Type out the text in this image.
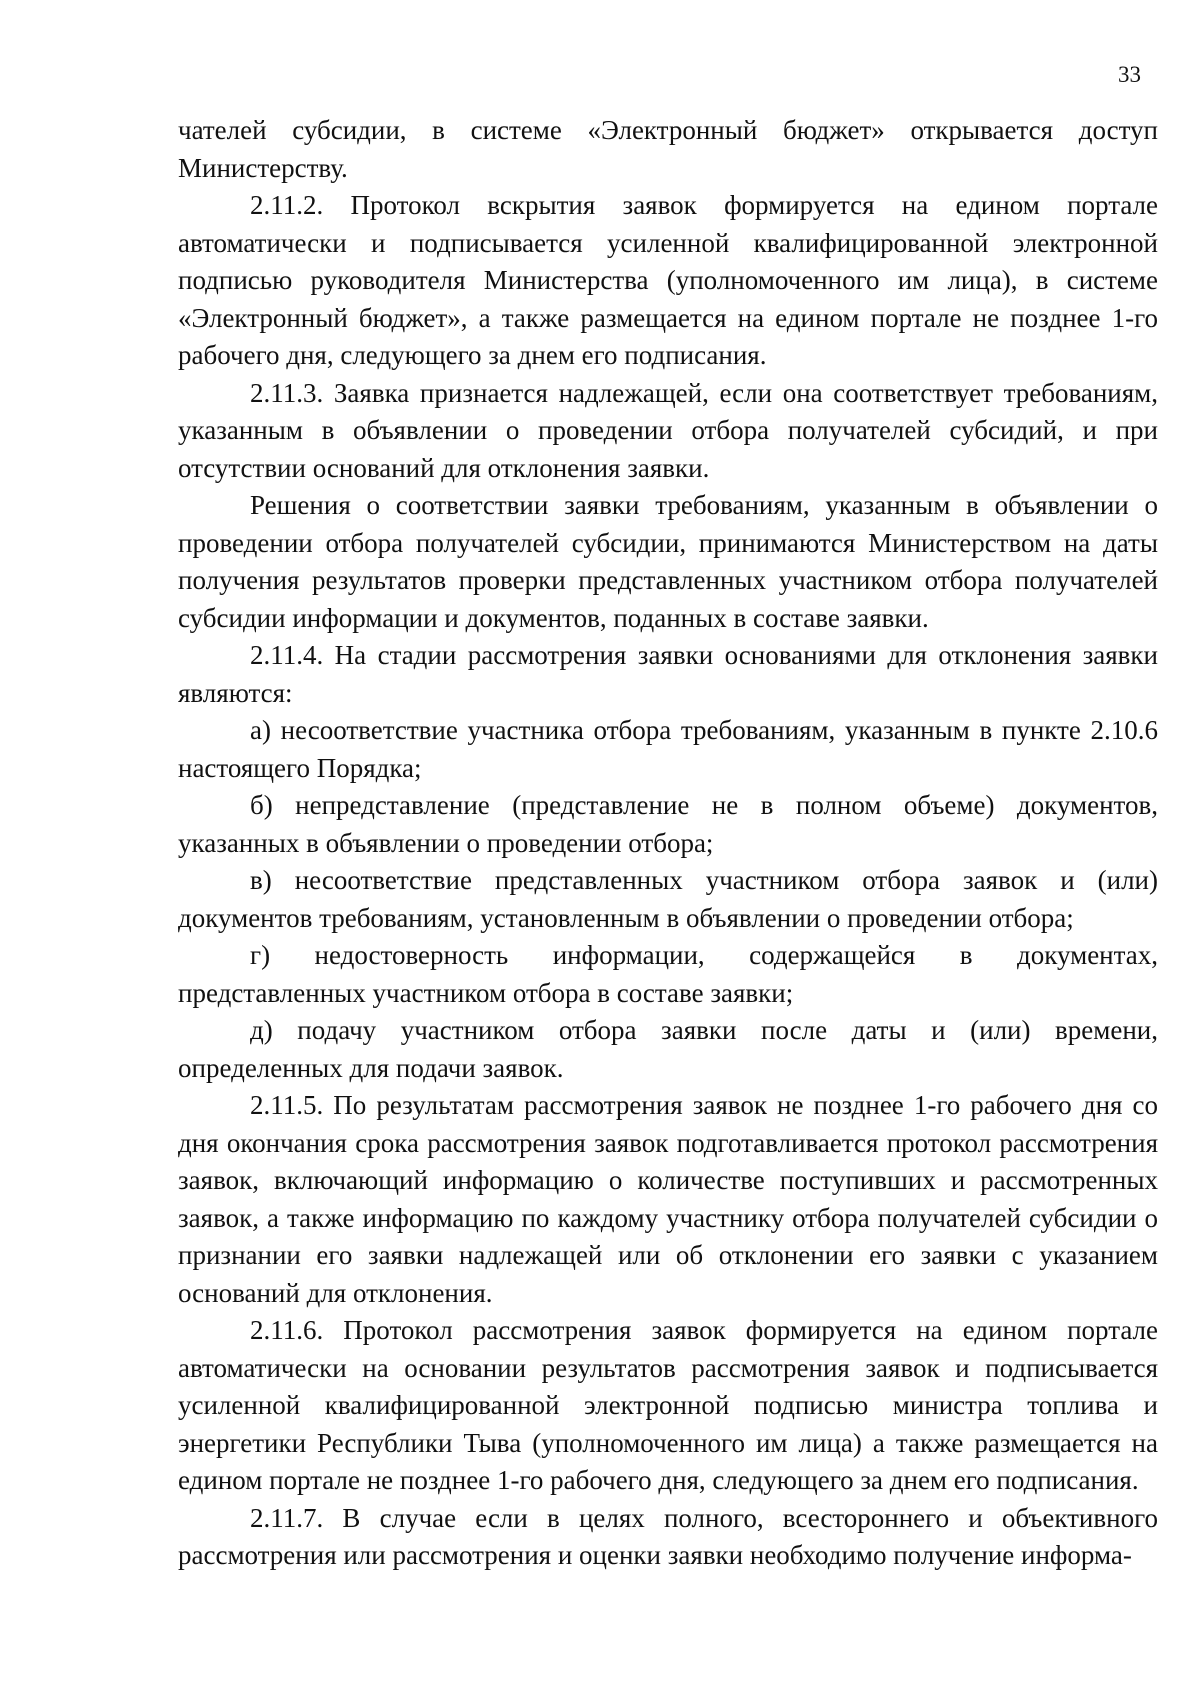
33

чателей субсидии, в системе «Электронный бюджет» открывается доступ Министерству.

2.11.2. Протокол вскрытия заявок формируется на едином портале автоматически и подписывается усиленной квалифицированной электронной подписью руководителя Министерства (уполномоченного им лица), в системе «Электронный бюджет», а также размещается на едином портале не позднее 1-го рабочего дня, следующего за днем его подписания.

2.11.3. Заявка признается надлежащей, если она соответствует требованиям, указанным в объявлении о проведении отбора получателей субсидий, и при отсутствии оснований для отклонения заявки.

Решения о соответствии заявки требованиям, указанным в объявлении о проведении отбора получателей субсидии, принимаются Министерством на даты получения результатов проверки представленных участником отбора получателей субсидии информации и документов, поданных в составе заявки.

2.11.4. На стадии рассмотрения заявки основаниями для отклонения заявки являются:

а) несоответствие участника отбора требованиям, указанным в пункте 2.10.6 настоящего Порядка;

б) непредставление (представление не в полном объеме) документов, указанных в объявлении о проведении отбора;

в) несоответствие представленных участником отбора заявок и (или) документов требованиям, установленным в объявлении о проведении отбора;

г) недостоверность информации, содержащейся в документах, представленных участником отбора в составе заявки;

д) подачу участником отбора заявки после даты и (или) времени, определенных для подачи заявок.

2.11.5. По результатам рассмотрения заявок не позднее 1-го рабочего дня со дня окончания срока рассмотрения заявок подготавливается протокол рассмотрения заявок, включающий информацию о количестве поступивших и рассмотренных заявок, а также информацию по каждому участнику отбора получателей субсидии о признании его заявки надлежащей или об отклонении его заявки с указанием оснований для отклонения.

2.11.6. Протокол рассмотрения заявок формируется на едином портале автоматически на основании результатов рассмотрения заявок и подписывается усиленной квалифицированной электронной подписью министра топлива и энергетики Республики Тыва (уполномоченного им лица) а также размещается на едином портале не позднее 1-го рабочего дня, следующего за днем его подписания.

2.11.7. В случае если в целях полного, всестороннего и объективного рассмотрения или рассмотрения и оценки заявки необходимо получение информа-
